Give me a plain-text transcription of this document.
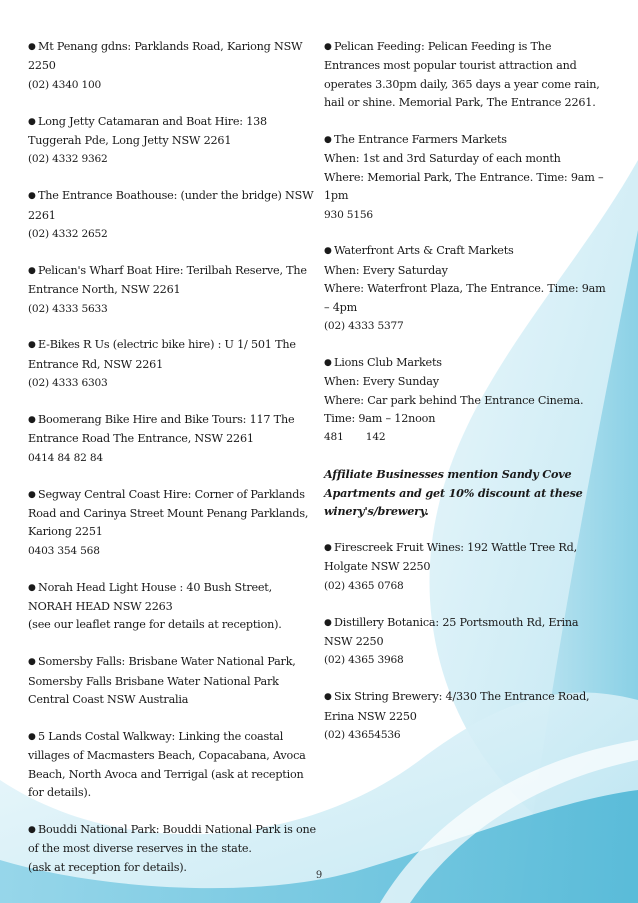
● Mt Penang gdns: Parklands Road, Kariong NSW 2250
(02) 4340 100
● Long Jetty Catamaran and Boat Hire: 138 Tuggerah Pde, Long Jetty NSW 2261
(02) 4332 9362
● The Entrance Boathouse: (under the bridge) NSW 2261
(02) 4332 2652
● Pelican's Wharf Boat Hire: Terilbah Reserve, The Entrance North, NSW 2261
(02) 4333 5633
● E-Bikes R Us (electric bike hire) : U 1/ 501 The Entrance Rd, NSW 2261
(02) 4333 6303
● Boomerang Bike Hire and Bike Tours: 117 The Entrance Road The Entrance, NSW 2261
0414 84 82 84
● Segway Central Coast Hire: Corner of Parklands Road and Carinya Street Mount Penang Parklands, Kariong 2251
0403 354 568
● Norah Head Light House : 40 Bush Street, NORAH HEAD NSW 2263
(see our leaflet range for details at reception).
● Somersby Falls: Brisbane Water National Park, Somersby Falls Brisbane Water National Park Central Coast NSW Australia
● 5 Lands Costal Walkway: Linking the coastal villages of Macmasters Beach, Copacabana, Avoca Beach, North Avoca and Terrigal (ask at reception for details).
● Bouddi National Park: Bouddi National Park is one of the most diverse reserves in the state.
(ask at reception for details).
● Pelican Feeding: Pelican Feeding is The Entrances most popular tourist attraction and operates 3.30pm daily, 365 days a year come rain, hail or shine. Memorial Park, The Entrance 2261.
● The Entrance Farmers Markets
When: 1st and 3rd Saturday of each month
Where: Memorial Park, The Entrance. Time: 9am – 1pm
930 5156
● Waterfront Arts & Craft Markets
When: Every Saturday
Where: Waterfront Plaza, The Entrance. Time: 9am – 4pm
(02) 4333 5377
● Lions Club Markets
When: Every Sunday
Where: Car park behind The Entrance Cinema.
Time: 9am – 12noon
481       142
Affiliate Businesses mention Sandy Cove Apartments and get 10% discount at these winery's/brewery.
● Firescreek Fruit Wines: 192 Wattle Tree Rd, Holgate NSW 2250
(02) 4365 0768
● Distillery Botanica: 25 Portsmouth Rd, Erina NSW 2250
(02) 4365 3968
● Six String Brewery: 4/330 The Entrance Road, Erina NSW 2250
(02) 43654536
9
